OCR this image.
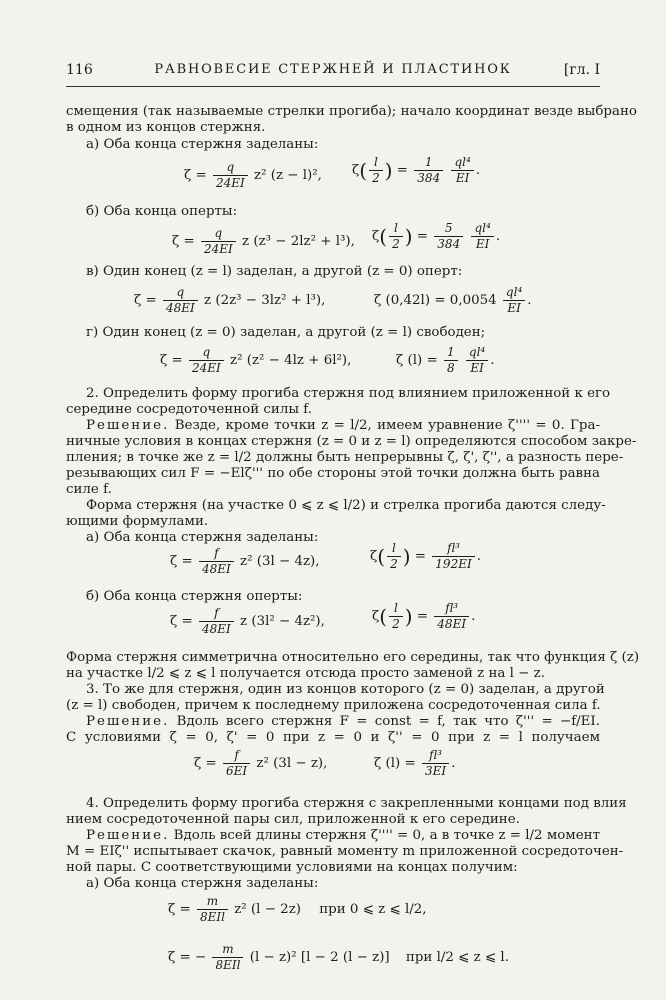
116	РАВНОВЕСИЕ СТЕРЖНЕЙ И ПЛАСТИНОК	[гл. I
смещения (так называемые стрелки прогиба); начало координат везде выбрано
в одном из концов стержня.
а) Оба конца стержня заделаны:
$\zeta = \frac{q}{24EI} z^2$ (z − l)², $\zeta( \frac{l}{2}$ ) = $\frac{1}{384}$
$\frac{\text{ql⁴}}{EI}$ .
б) Оба конца оперты:
$\zeta = \frac{q}{24EI}$ z (z³ − 2lz² + l³), $\zeta( \frac{l}{2}$ ) = $\frac{5}{384}$
$\frac{\text{ql⁴}}{EI}$ .
в) Один конец (z = l) заделан, а другой (z = 0) оперт:
$\zeta = \frac{q}{48EI}$ z (2z³ − 3lz² + l³),	ζ $(0,42l) = 0,0054 \frac{\text{ql⁴}}{EI}$ .
г) Один конец (z = 0) заделан, а другой (z = l) свободен;
$\zeta = \frac{q}{24EI} z^2$ (z² − 4lz + 6l²),	ζ $(l) = \frac{1}{8}$
$\frac{\text{ql⁴}}{EI}$ .
2. Определить форму прогиба стержня под влиянием приложенной к его
середине сосредоточенной силы f.
Решение. Везде, кроме точки z = l/2, имеем уравнение ζ'''' = 0. Гра-
ничные условия в концах стержня (z = 0 и z = l) определяются способом закре-
пления; в точке же z = l/2 должны быть непрерывны ζ, ζ', ζ'', а разность пере-
резывающих сил F = −Elζ''' по обе стороны этой точки должна быть равна
силе f.
Форма стержня (на участке 0 ⩽ z ⩽ l/2) и стрелка прогиба даются следу-
ющими формулами.
а) Оба конца стержня заделаны:
$\zeta = \frac{f}{48EI} z^2$ (3l − 4z),	$\zeta( \frac{l}{2}$ ) = $\frac{\text{fl³}}{192EI}$ .
б) Оба конца стержня оперты:
$\zeta = \frac{f}{48EI}$ z (3l² − 4z²),	$\zeta( \frac{l}{2}$ ) = $\frac{\text{fl³}}{48EI}$ .
Форма стержня симметрична относительно его середины, так что функция ζ (z)
на участке l/2 ⩽ z ⩽ l получается отсюда просто заменой z на l − z.
3. То же для стержня, один из концов которого (z = 0) заделан, а другой
(z = l) свободен, причем к последнему приложена сосредоточенная сила f.
Решение. Вдоль всего стержня F = const = f, так что ζ''' = −f/EI.
С условиями ζ = 0, ζ' = 0 при z = 0 и ζ'' = 0 при z = l получаем
$\zeta = \frac{f}{6EI} z^2$ (3l − z),	ζ $(l) = \frac{\text{fl³}}{3EI}$ .
4. Определить форму прогиба стержня с закрепленными концами под влия
нием сосредоточенной пары сил, приложенной к его середине.
Решение. Вдоль всей длины стержня ζ'''' = 0, а в точке z = l/2 момент
M = EIζ'' испытывает скачок, равный моменту m приложенной сосредоточен-
ной пары. С соответствующими условиями на концах получим:
а) Оба конца стержня заделаны:
$\zeta = \frac{m}{\text{8EIl}} z^2$ (l − 2z) при 0 ⩽ z ⩽ l/2,
ζ = − $\frac{m}{\text{8EIl}} (l - z)^2$ [l − 2 (l − z)] при l/2 ⩽ z ⩽ l.
